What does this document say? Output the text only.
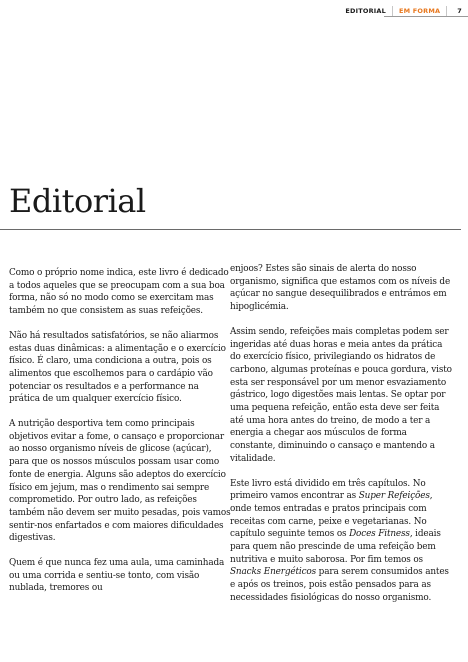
EDITORIAL	EM FORMA	7
Editorial

Como o próprio nome indica, este livro é dedicado a todos aqueles que se preocupam com a sua boa forma, não só no modo como se exercitam mas também no que consistem as suas refeições.

Não há resultados satisfatórios, se não aliarmos estas duas dinâmicas: a alimentação e o exercício físico. É claro, uma condiciona a outra, pois os alimentos que escolhemos para o cardápio vão potenciar os resultados e a performance na prática de um qualquer exercício físico.

A nutrição desportiva tem como principais objetivos evitar a fome, o cansaço e proporcionar ao nosso organismo níveis de glicose (açúcar), para que os nossos músculos possam usar como fonte de energia. Alguns são adeptos do exercício físico em jejum, mas o rendimento sai sempre comprometido. Por outro lado, as refeições também não devem ser muito pesadas, pois vamos sentir-nos enfartados e com maiores dificuldades digestivas.

Quem é que nunca fez uma aula, uma caminhada ou uma corrida e sentiu-se tonto, com visão nublada, tremores ou

enjoos? Estes são sinais de alerta do nosso organismo, significa que estamos com os níveis de açúcar no sangue desequilibrados e entrámos em hipoglicémia.

Assim sendo, refeições mais completas podem ser ingeridas até duas horas e meia antes da prática do exercício físico, privilegiando os hidratos de carbono, algumas proteínas e pouca gordura, visto esta ser responsável por um menor esvaziamento gástrico, logo digestões mais lentas. Se optar por uma pequena refeição, então esta deve ser feita até uma hora antes do treino, de modo a ter a energia a chegar aos músculos de forma constante, diminuindo o cansaço e mantendo a vitalidade.

Este livro está dividido em três capítulos. No primeiro vamos encontrar as Super Refeições, onde temos entradas e pratos principais com receitas com carne, peixe e vegetarianas. No capítulo seguinte temos os Doces Fitness, ideais para quem não prescinde de uma refeição bem nutritiva e muito saborosa. Por fim temos os Snacks Energéticos para serem consumidos antes e após os treinos, pois estão pensados para as necessidades fisiológicas do nosso organismo.
